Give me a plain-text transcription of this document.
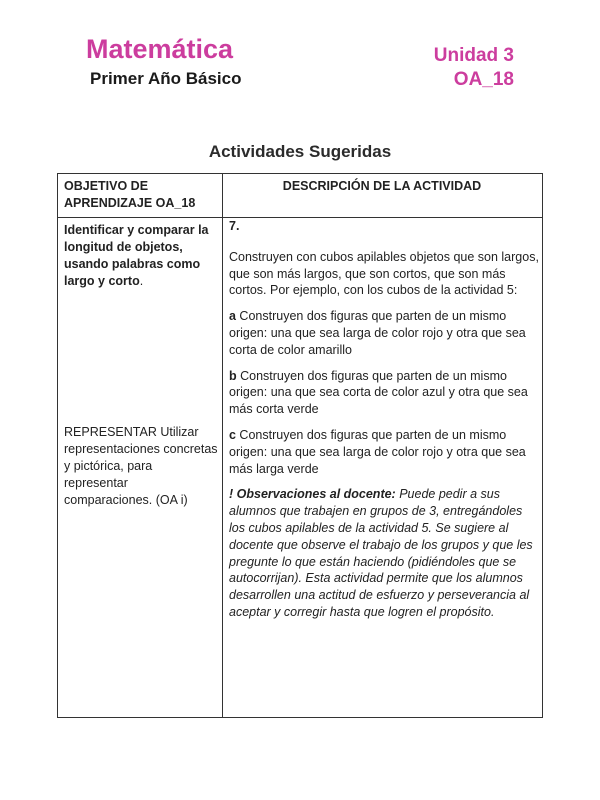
Matemática
Primer Año Básico
Unidad 3
OA_18
Actividades Sugeridas
OBJETIVO DE APRENDIZAJE OA_18
DESCRIPCIÓN DE LA ACTIVIDAD
Identificar y comparar la longitud de objetos, usando palabras como largo y corto.
REPRESENTAR Utilizar representaciones concretas y pictórica, para representar comparaciones. (OA i)

7.

Construyen con cubos apilables objetos que son largos, que son más largos, que son cortos, que son más cortos. Por ejemplo, con los cubos de la actividad 5:

a Construyen dos figuras que parten de un mismo origen: una que sea larga de color rojo y otra que sea corta de color amarillo

b Construyen dos figuras que parten de un mismo origen: una que sea corta de color azul y otra que sea más corta verde

c Construyen dos figuras que parten de un mismo origen: una que sea larga de color rojo y otra que sea más larga verde

! Observaciones al docente: Puede pedir a sus alumnos que trabajen en grupos de 3, entregándoles los cubos apilables de la actividad 5. Se sugiere al docente que observe el trabajo de los grupos y que les pregunte lo que están haciendo (pidiéndoles que se autocorrijan). Esta actividad permite que los alumnos desarrollen una actitud de esfuerzo y perseverancia al aceptar y corregir hasta que logren el propósito.
